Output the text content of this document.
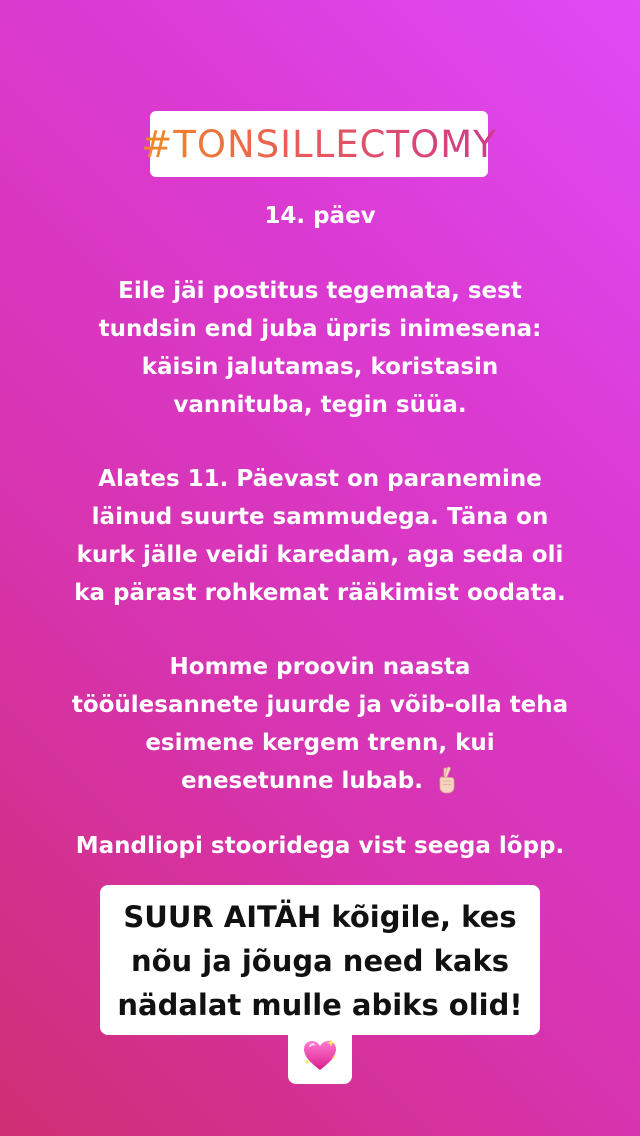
#TONSILLECTOMY
14. päev
Eile jäi postitus tegemata, sest
tundsin end juba üpris inimesena:
käisin jalutamas, koristasin
vannituba, tegin süüa.
Alates 11. Päevast on paranemine
läinud suurte sammudega. Täna on
kurk jälle veidi karedam, aga seda oli
ka pärast rohkemat rääkimist oodata.
Homme proovin naasta
tööülesannete juurde ja võib-olla teha
esimene kergem trenn, kui
enesetunne lubab.
Mandliopi stooridega vist seega lõpp.
SUUR AITÄH kõigile, kes
nõu ja jõuga need kaks
nädalat mulle abiks olid!
